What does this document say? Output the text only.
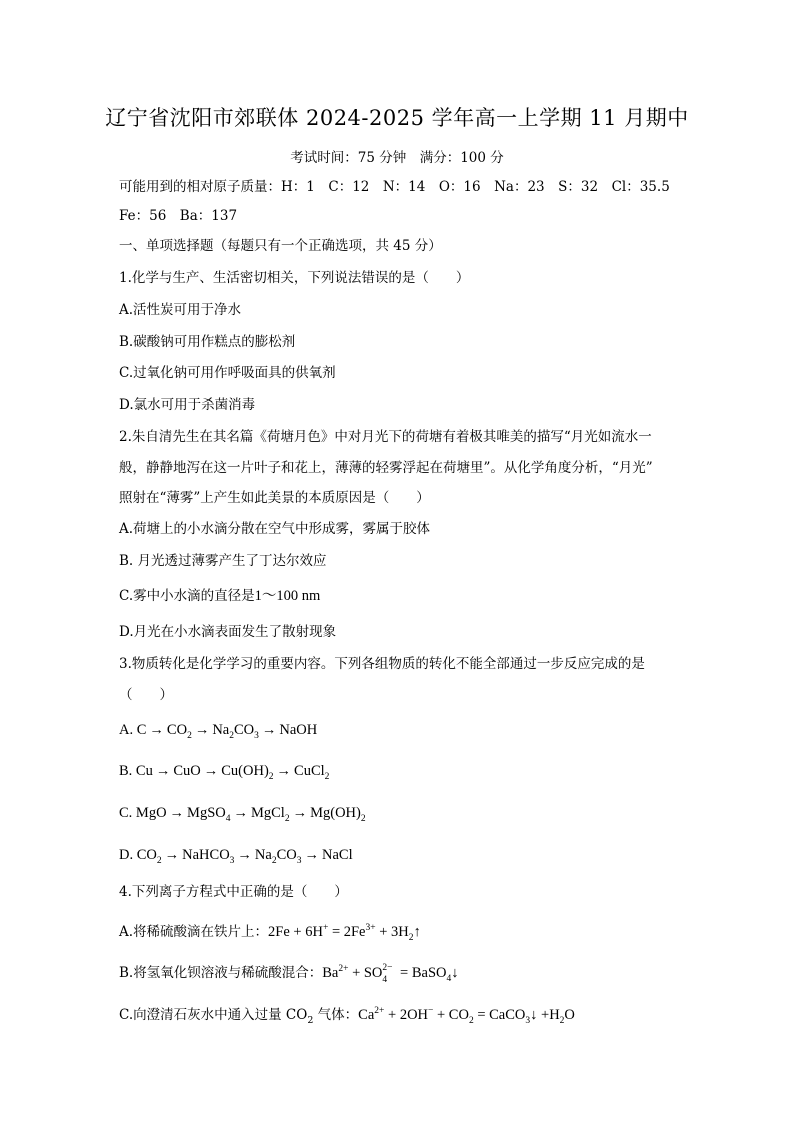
辽宁省沈阳市郊联体 2024-2025 学年高一上学期 11 月期中
考试时间：75 分钟　满分：100 分
可能用到的相对原子质量：H：1　C：12　N：14　O：16　Na：23　S：32　Cl：35.5
Fe：56　Ba：137
一、单项选择题（每题只有一个正确选项，共 45 分）
1.化学与生产、生活密切相关，下列说法错误的是（　　）
A.活性炭可用于净水
B.碳酸钠可用作糕点的膨松剂
C.过氧化钠可用作呼吸面具的供氧剂
D.氯水可用于杀菌消毒
2.朱自清先生在其名篇《荷塘月色》中对月光下的荷塘有着极其唯美的描写“月光如流水一
般，静静地泻在这一片叶子和花上，薄薄的轻雾浮起在荷塘里”。从化学角度分析，“月光”
照射在“薄雾”上产生如此美景的本质原因是（　　）
A.荷塘上的小水滴分散在空气中形成雾，雾属于胶体
B. 月光透过薄雾产生了丁达尔效应
C.雾中小水滴的直径是1～100 nm
D.月光在小水滴表面发生了散射现象
3.物质转化是化学学习的重要内容。下列各组物质的转化不能全部通过一步反应完成的是
（　　）
A. $C \to CO_2 \to Na_2CO_3$ → NaOH
B. Cu → CuO → $Cu(OH)_2$ → CuCl$_2$
C. MgO → MgSO$_4$ → MgCl$_2$ → $Mg(OH)_2$
D. $CO_2$ → NaHCO$_3$ → $Na_2CO_3$ → NaCl
4.下列离子方程式中正确的是（　　）
A.将稀硫酸滴在铁片上：$2Fe + 6H^+ = 2Fe^{3+}$ + $3H_2↑$
B.将氢氧化钡溶液与稀硫酸混合：$Ba^{2+}$ + SO 2−
4 = BaSO$_4$↓
C.向澄清石灰水中通入过量 $CO_2$ 气体：$Ca^{2+} + 2OH^- + CO_2$ = CaCO$_3$↓ $+H_2O$
